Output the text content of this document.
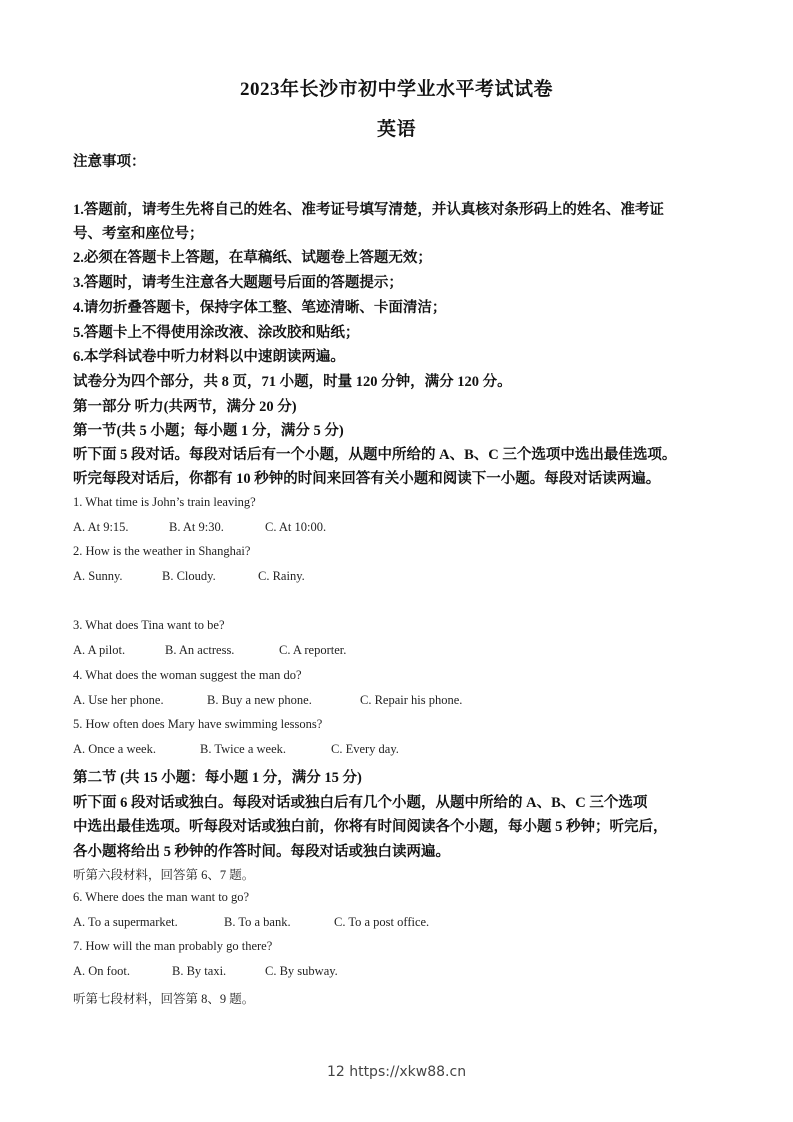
2023年长沙市初中学业水平考试试卷
英语
注意事项：
1.答题前，请考生先将自己的姓名、准考证号填写清楚，并认真核对条形码上的姓名、准考证
号、考室和座位号；
2.必须在答题卡上答题，在草稿纸、试题卷上答题无效；
3.答题时，请考生注意各大题题号后面的答题提示；
4.请勿折叠答题卡，保持字体工整、笔迹清晰、卡面清洁；
5.答题卡上不得使用涂改液、涂改胶和贴纸；
6.本学科试卷中听力材料以中速朗读两遍。
试卷分为四个部分，共 8 页，71 小题，时量 120 分钟，满分 120 分。
第一部分 听力(共两节，满分 20 分)
第一节(共 5 小题；每小题 1 分，满分 5 分)
听下面 5 段对话。每段对话后有一个小题，从题中所给的 A、B、C 三个选项中选出最佳选项。
听完每段对话后，你都有 10 秒钟的时间来回答有关小题和阅读下一小题。每段对话读两遍。
1. What time is John’s train leaving?
A. At 9:15.	B. At 9:30.	C. At 10:00.
2. How is the weather in Shanghai?
A. Sunny.	B. Cloudy.	C. Rainy.
3. What does Tina want to be?
A. A pilot.	B. An actress.	C. A reporter.
4. What does the woman suggest the man do?
A. Use her phone.	B. Buy a new phone.	C. Repair his phone.
5. How often does Mary have swimming lessons?
A. Once a week.	B. Twice a week.	C. Every day.
第二节 (共 15 小题：每小题 1 分，满分 15 分)
听下面 6 段对话或独白。每段对话或独白后有几个小题，从题中所给的 A、B、C 三个选项
中选出最佳选项。听每段对话或独白前，你将有时间阅读各个小题，每小题 5 秒钟；听完后，
各小题将给出 5 秒钟的作答时间。每段对话或独白读两遍。
听第六段材料，回答第 6、7 题。
6. Where does the man want to go?
A. To a supermarket.	B. To a bank.	C. To a post office.
7. How will the man probably go there?
A. On foot.	B. By taxi.	C. By subway.
听第七段材料，回答第 8、9 题。
12 https://xkw88.cn
